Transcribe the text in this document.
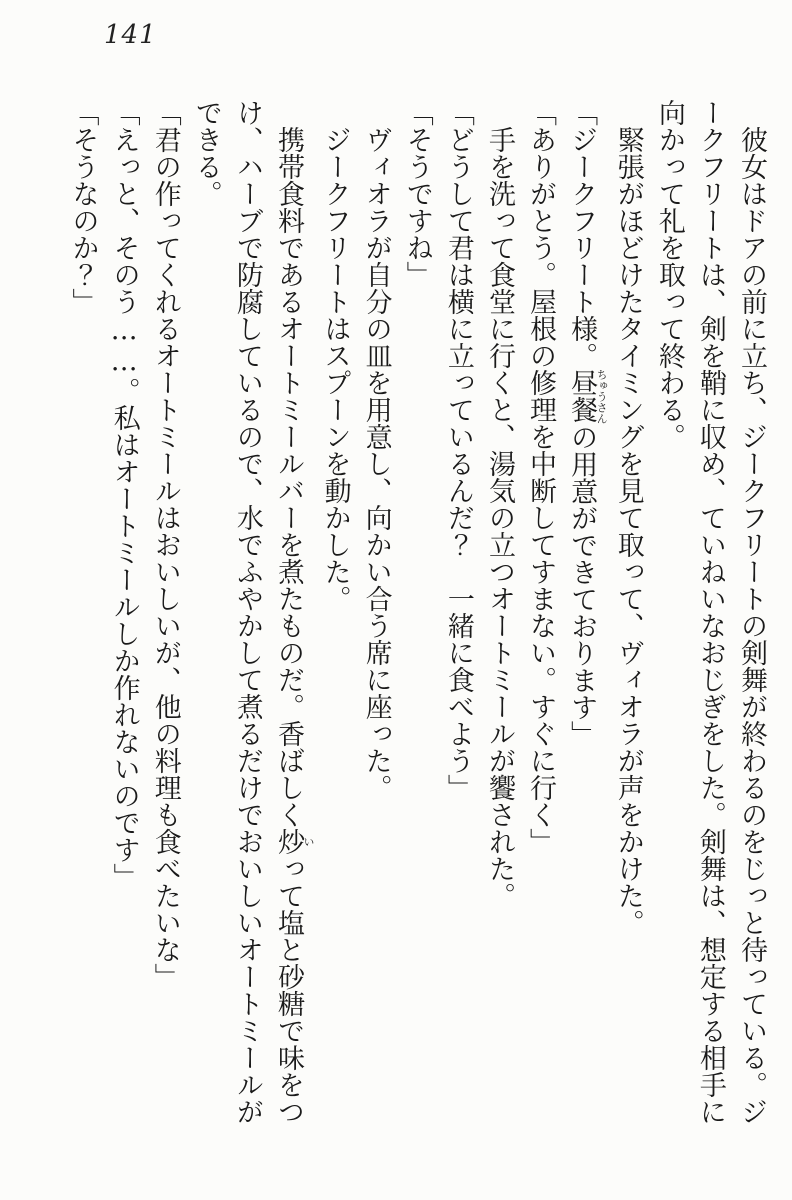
141
彼女はドアの前に立ち、ジークフリートの剣舞が終わるのをじっと待っている。ジ
ークフリートは、剣を鞘に収め、ていねいなおじぎをした。剣舞は、想定する相手に
向かって礼を取って終わる。
緊張がほどけたタイミングを見て取って、ヴィオラが声をかけた。
「ジークフリート様。昼餐ちゅうさんの用意ができております」
「ありがとう。屋根の修理を中断してすまない。すぐに行く」
手を洗って食堂に行くと、湯気の立つオートミールが饗された。
「どうして君は横に立っているんだ？　一緒に食べよう」
「そうですね」
ヴィオラが自分の皿を用意し、向かい合う席に座った。
ジークフリートはスプーンを動かした。
携帯食料であるオートミールバーを煮たものだ。香ばしく炒いって塩と砂糖で味をつ
け、ハーブで防腐しているので、水でふやかして煮るだけでおいしいオートミールが
できる。
「君の作ってくれるオートミールはおいしいが、他の料理も食べたいな」
「えっと、そのう……。私はオートミールしか作れないのです」
「そうなのか？」
